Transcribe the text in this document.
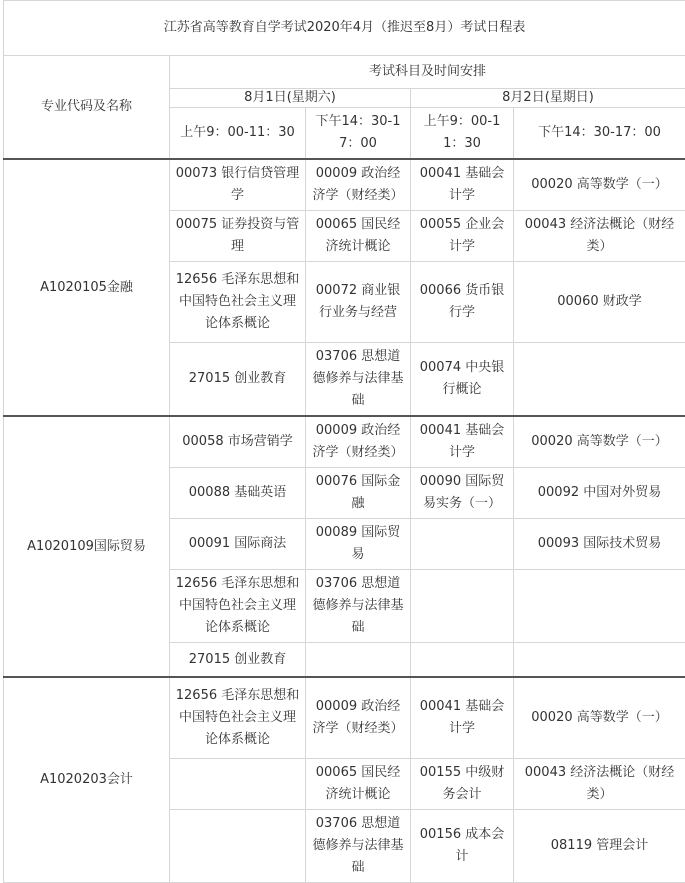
江苏省高等教育自学考试2020年4月（推迟至8月）考试日程表				
专业代码及名称	考试科目及时间安排			
	8月1日(星期六)		8月2日(星期日)	
	上午9：00-11：30	下午14：30-17：00	上午9：00-11：30	下午14：30-17：00
A1020105金融	00073 银行信贷管理学	00009 政治经济学（财经类）	00041 基础会计学	00020 高等数学（一）
	00075 证券投资与管理	00065 国民经济统计概论	00055 企业会计学	00043 经济法概论（财经类）
	12656 毛泽东思想和中国特色社会主义理论体系概论	00072 商业银行业务与经营	00066 货币银行学	00060 财政学
	27015 创业教育	03706 思想道德修养与法律基础	00074 中央银行概论	
A1020109国际贸易	00058 市场营销学	00009 政治经济学（财经类）	00041 基础会计学	00020 高等数学（一）
	00088 基础英语	00076 国际金融	00090 国际贸易实务（一）	00092 中国对外贸易
	00091 国际商法	00089 国际贸易		00093 国际技术贸易
	12656 毛泽东思想和中国特色社会主义理论体系概论	03706 思想道德修养与法律基础		
	27015 创业教育			
A1020203会计	12656 毛泽东思想和中国特色社会主义理论体系概论	00009 政治经济学（财经类）	00041 基础会计学	00020 高等数学（一）
		00065 国民经济统计概论	00155 中级财务会计	00043 经济法概论（财经类）
		03706 思想道德修养与法律基础	00156 成本会计	08119 管理会计
